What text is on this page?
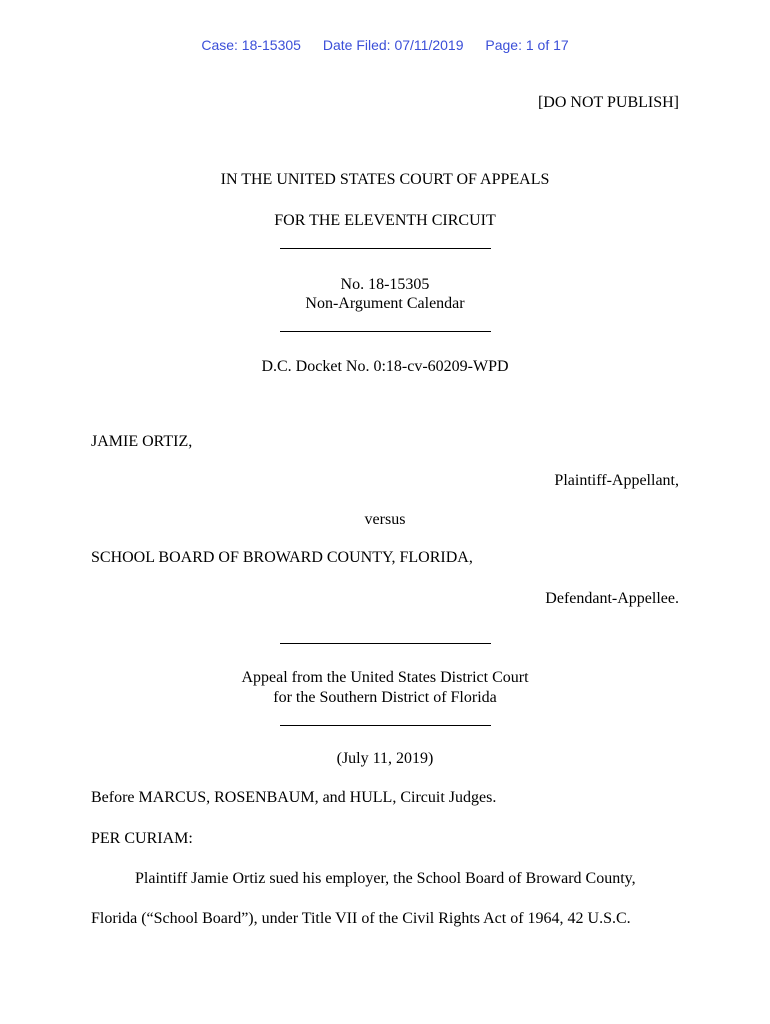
Case: 18-15305 Date Filed: 07/11/2019 Page: 1 of 17
[DO NOT PUBLISH]
IN THE UNITED STATES COURT OF APPEALS
FOR THE ELEVENTH CIRCUIT
No. 18-15305
Non-Argument Calendar
D.C. Docket No. 0:18-cv-60209-WPD
JAMIE ORTIZ,
Plaintiff-Appellant,
versus
SCHOOL BOARD OF BROWARD COUNTY, FLORIDA,
Defendant-Appellee.
Appeal from the United States District Court
for the Southern District of Florida
(July 11, 2019)
Before MARCUS, ROSENBAUM, and HULL, Circuit Judges.
PER CURIAM:
Plaintiff Jamie Ortiz sued his employer, the School Board of Broward County,
Florida (“School Board”), under Title VII of the Civil Rights Act of 1964, 42 U.S.C.
